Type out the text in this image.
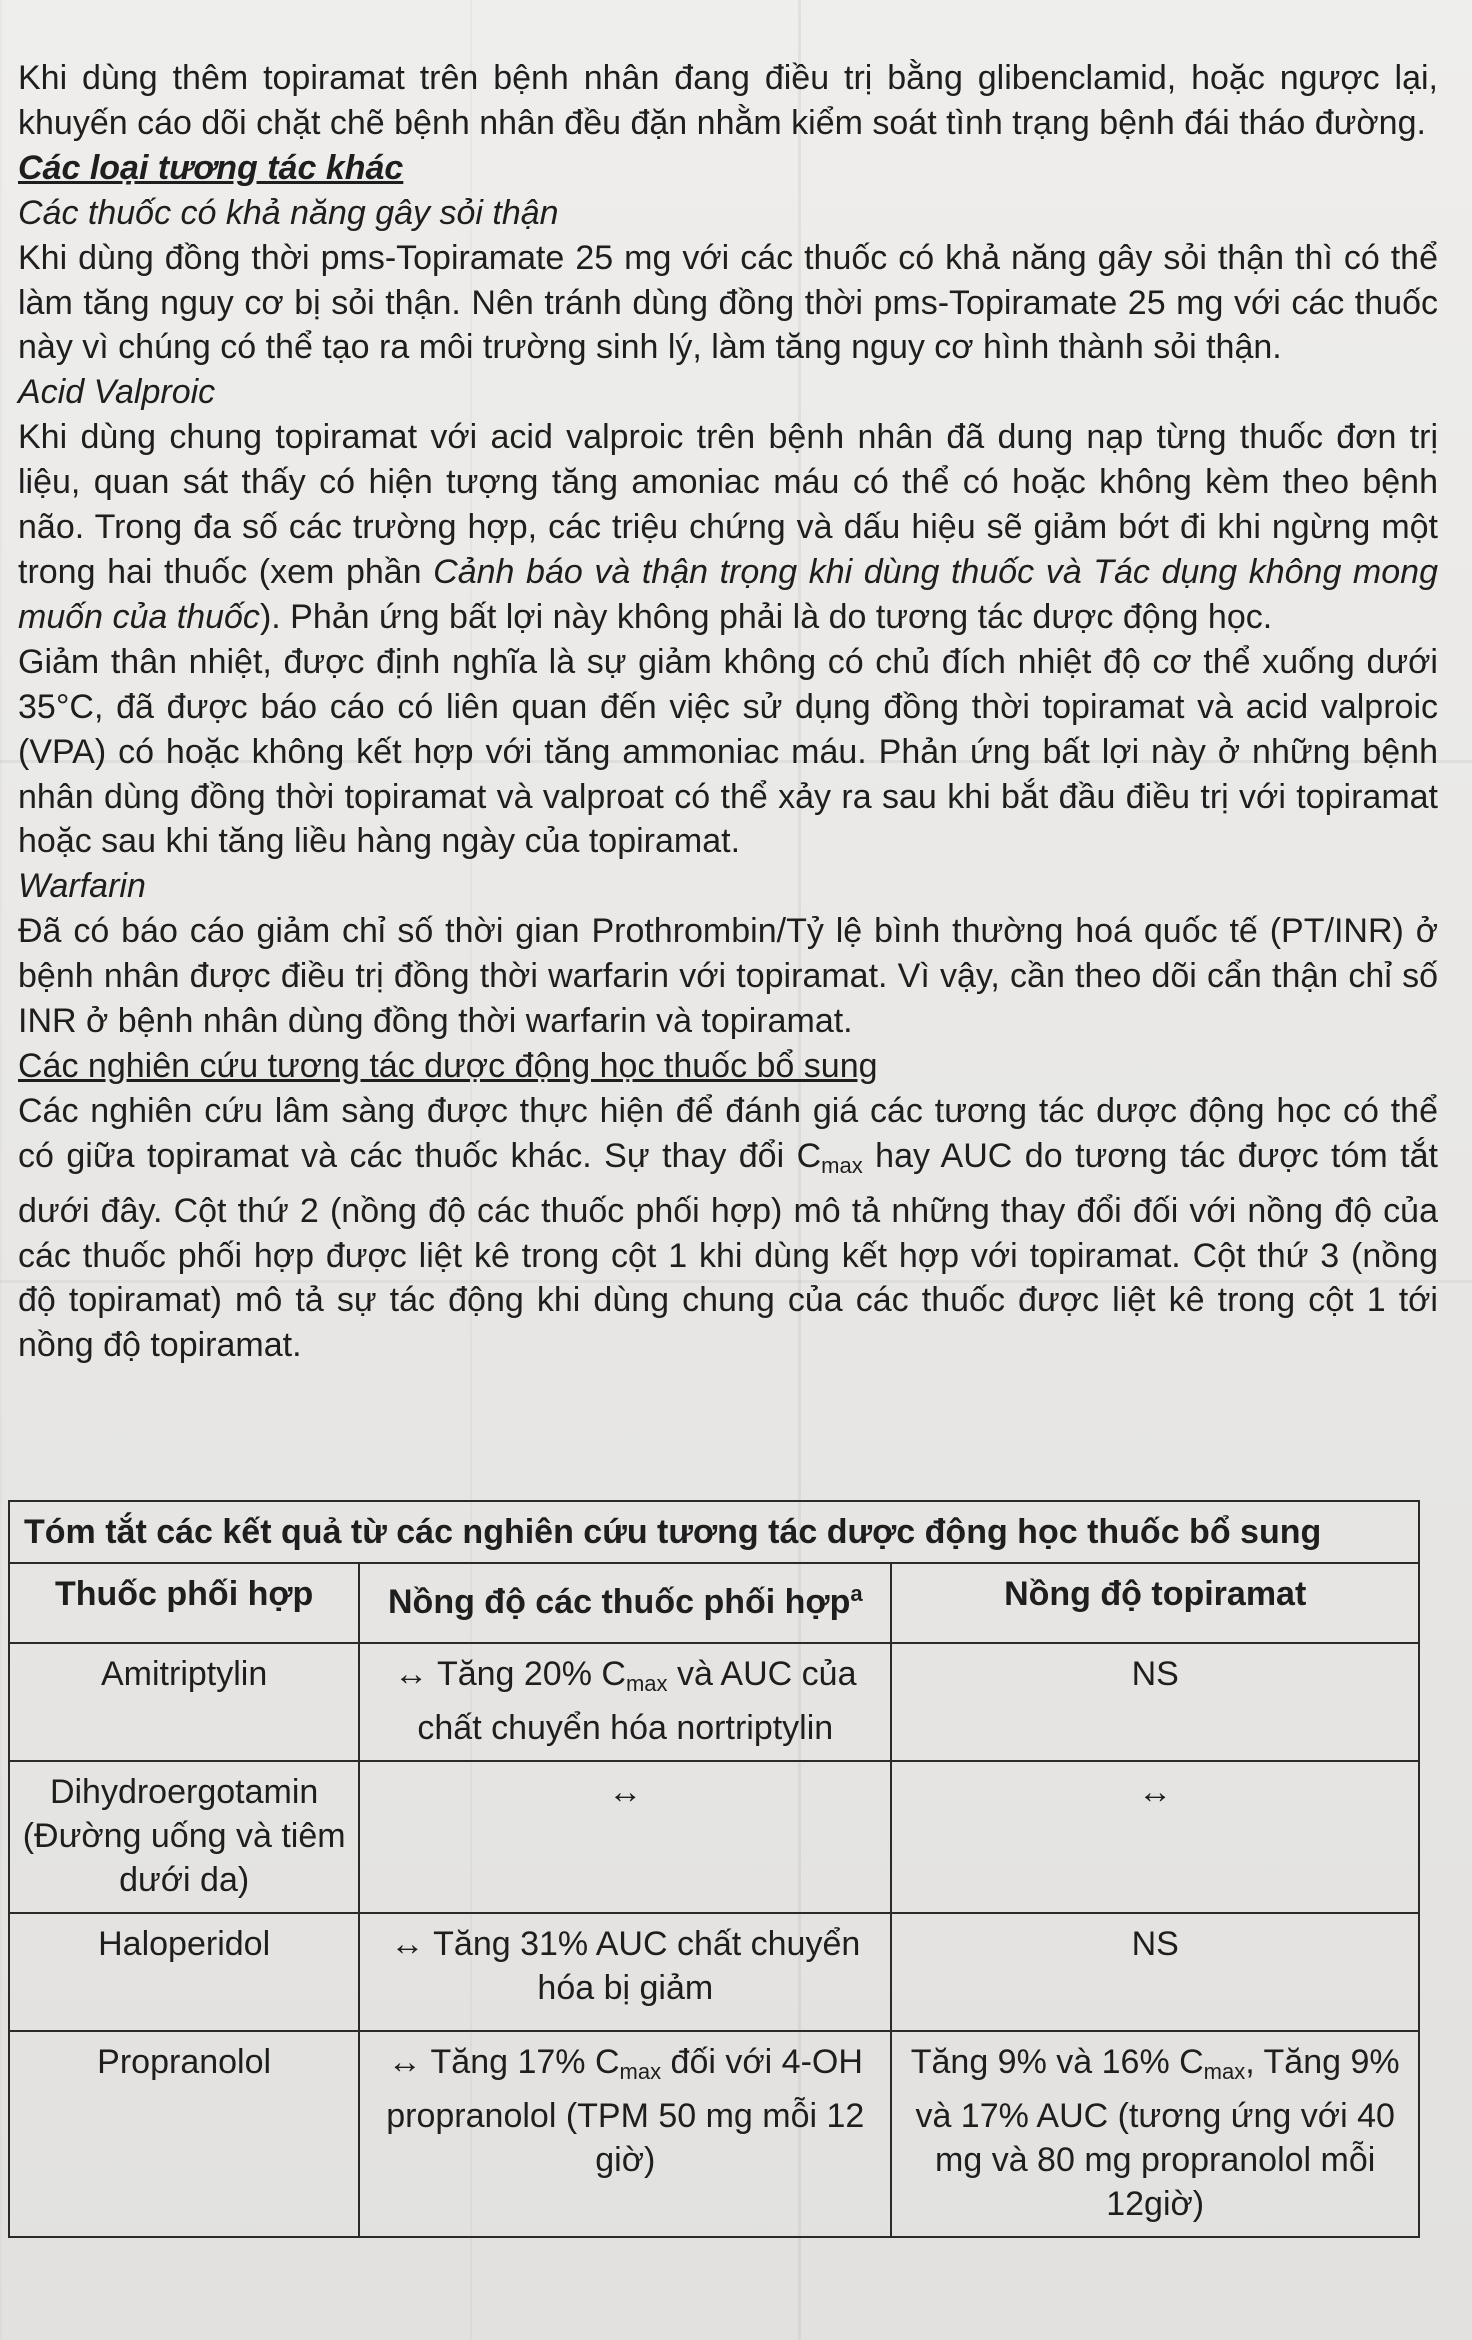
Khi dùng thêm topiramat trên bệnh nhân đang điều trị bằng glibenclamid, hoặc ngược lại, khuyến cáo dõi chặt chẽ bệnh nhân đều đặn nhằm kiểm soát tình trạng bệnh đái tháo đường.

Các loại tương tác khác

Các thuốc có khả năng gây sỏi thận

Khi dùng đồng thời pms-Topiramate 25 mg với các thuốc có khả năng gây sỏi thận thì có thể làm tăng nguy cơ bị sỏi thận. Nên tránh dùng đồng thời pms-Topiramate 25 mg với các thuốc này vì chúng có thể tạo ra môi trường sinh lý, làm tăng nguy cơ hình thành sỏi thận.

Acid Valproic

Khi dùng chung topiramat với acid valproic trên bệnh nhân đã dung nạp từng thuốc đơn trị liệu, quan sát thấy có hiện tượng tăng amoniac máu có thể có hoặc không kèm theo bệnh não. Trong đa số các trường hợp, các triệu chứng và dấu hiệu sẽ giảm bớt đi khi ngừng một trong hai thuốc (xem phần Cảnh báo và thận trọng khi dùng thuốc và Tác dụng không mong muốn của thuốc). Phản ứng bất lợi này không phải là do tương tác dược động học.

Giảm thân nhiệt, được định nghĩa là sự giảm không có chủ đích nhiệt độ cơ thể xuống dưới 35°C, đã được báo cáo có liên quan đến việc sử dụng đồng thời topiramat và acid valproic (VPA) có hoặc không kết hợp với tăng ammoniac máu. Phản ứng bất lợi này ở những bệnh nhân dùng đồng thời topiramat và valproat có thể xảy ra sau khi bắt đầu điều trị với topiramat hoặc sau khi tăng liều hàng ngày của topiramat.

Warfarin

Đã có báo cáo giảm chỉ số thời gian Prothrombin/Tỷ lệ bình thường hoá quốc tế (PT/INR) ở bệnh nhân được điều trị đồng thời warfarin với topiramat. Vì vậy, cần theo dõi cẩn thận chỉ số INR ở bệnh nhân dùng đồng thời warfarin và topiramat.

Các nghiên cứu tương tác dược động học thuốc bổ sung

Các nghiên cứu lâm sàng được thực hiện để đánh giá các tương tác dược động học có thể có giữa topiramat và các thuốc khác. Sự thay đổi $C_{max}$ hay AUC do tương tác được tóm tắt dưới đây. Cột thứ 2 (nồng độ các thuốc phối hợp) mô tả những thay đổi đối với nồng độ của các thuốc phối hợp được liệt kê trong cột 1 khi dùng kết hợp với topiramat. Cột thứ 3 (nồng độ topiramat) mô tả sự tác động khi dùng chung của các thuốc được liệt kê trong cột 1 tới nồng độ topiramat.

Tóm tắt các kết quả từ các nghiên cứu tương tác dược động học thuốc bổ sung		
Thuốc phối hợp	Nồng độ các thuốc phối hợp$^a$	Nồng độ topiramat
Amitriptylin	↔ Tăng 20% $C_{max}$ và AUC của chất chuyển hóa nortriptylin	NS
Dihydroergotamin (Đường uống và tiêm dưới da)	↔	↔
Haloperidol	↔ Tăng 31% AUC chất chuyển hóa bị giảm	NS
Propranolol	↔ Tăng 17% $C_{max}$ đối với 4-OH propranolol (TPM 50 mg mỗi 12 giờ)	Tăng 9% và 16% $C_{max}$, Tăng 9% và 17% AUC (tương ứng với 40 mg và 80 mg propranolol mỗi 12giờ)
